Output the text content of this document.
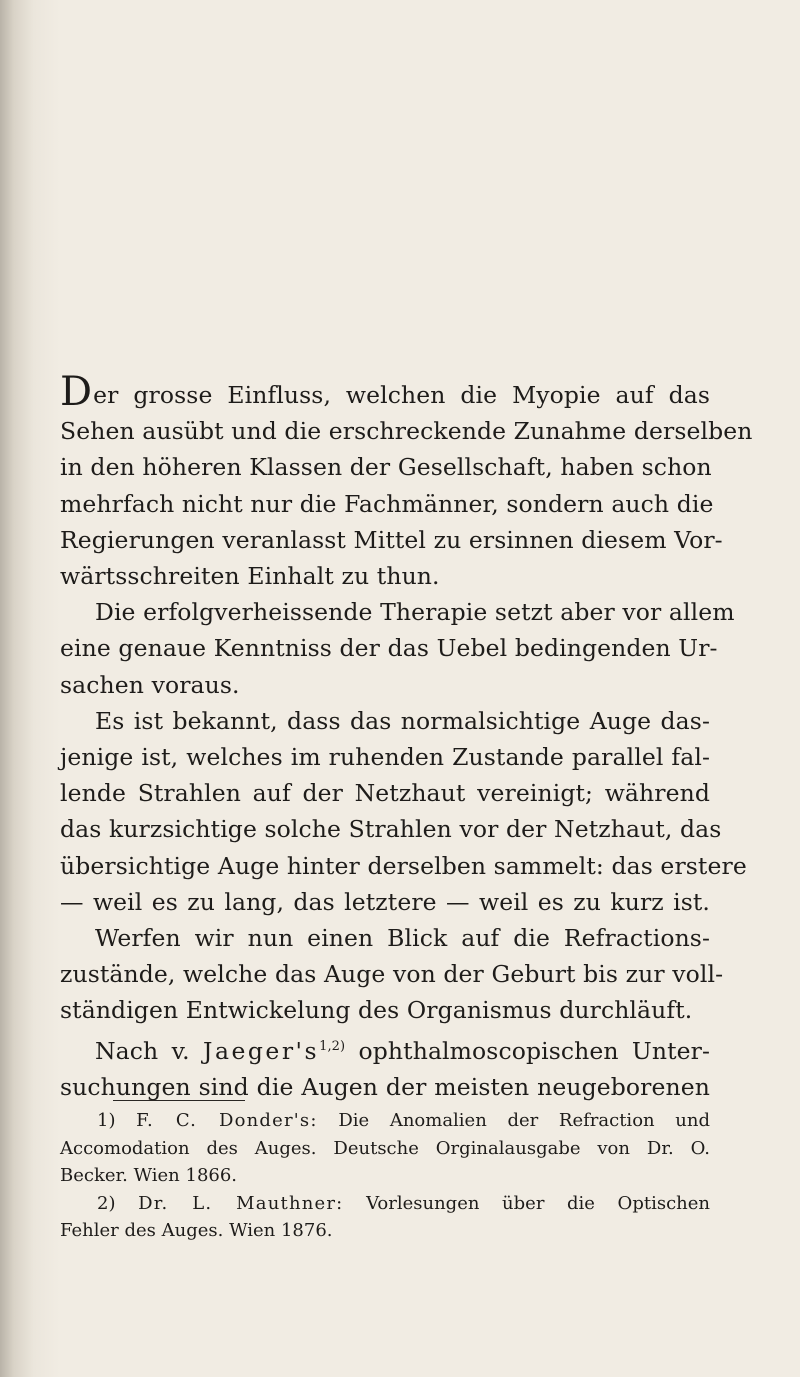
Der grosse Einfluss, welchen die Myopie auf das
Sehen ausübt und die erschreckende Zunahme derselben
in den höheren Klassen der Gesellschaft, haben schon
mehrfach nicht nur die Fachmänner, sondern auch die
Regierungen veranlasst Mittel zu ersinnen diesem Vor-
wärtsschreiten Einhalt zu thun.

Die erfolgverheissende Therapie setzt aber vor allem
eine genaue Kenntniss der das Uebel bedingenden Ur-
sachen voraus.

Es ist bekannt, dass das normalsichtige Auge das-
jenige ist, welches im ruhenden Zustande parallel fal-
lende Strahlen auf der Netzhaut vereinigt; während
das kurzsichtige solche Strahlen vor der Netzhaut, das
übersichtige Auge hinter derselben sammelt: das erstere
— weil es zu lang, das letztere — weil es zu kurz ist.

Werfen wir nun einen Blick auf die Refractions-
zustände, welche das Auge von der Geburt bis zur voll-
ständigen Entwickelung des Organismus durchläuft.

Nach v. $Jaeger's^{1,2)}$ ophthalmoscopischen Unter-
suchungen sind die Augen der meisten neugeborenen

1) F. C. Donder's: Die Anomalien der Refraction und
Accomodation des Auges. Deutsche Orginalausgabe von Dr. O.
Becker. Wien 1866.
2) Dr. L. Mauthner: Vorlesungen über die Optischen
Fehler des Auges. Wien 1876.
